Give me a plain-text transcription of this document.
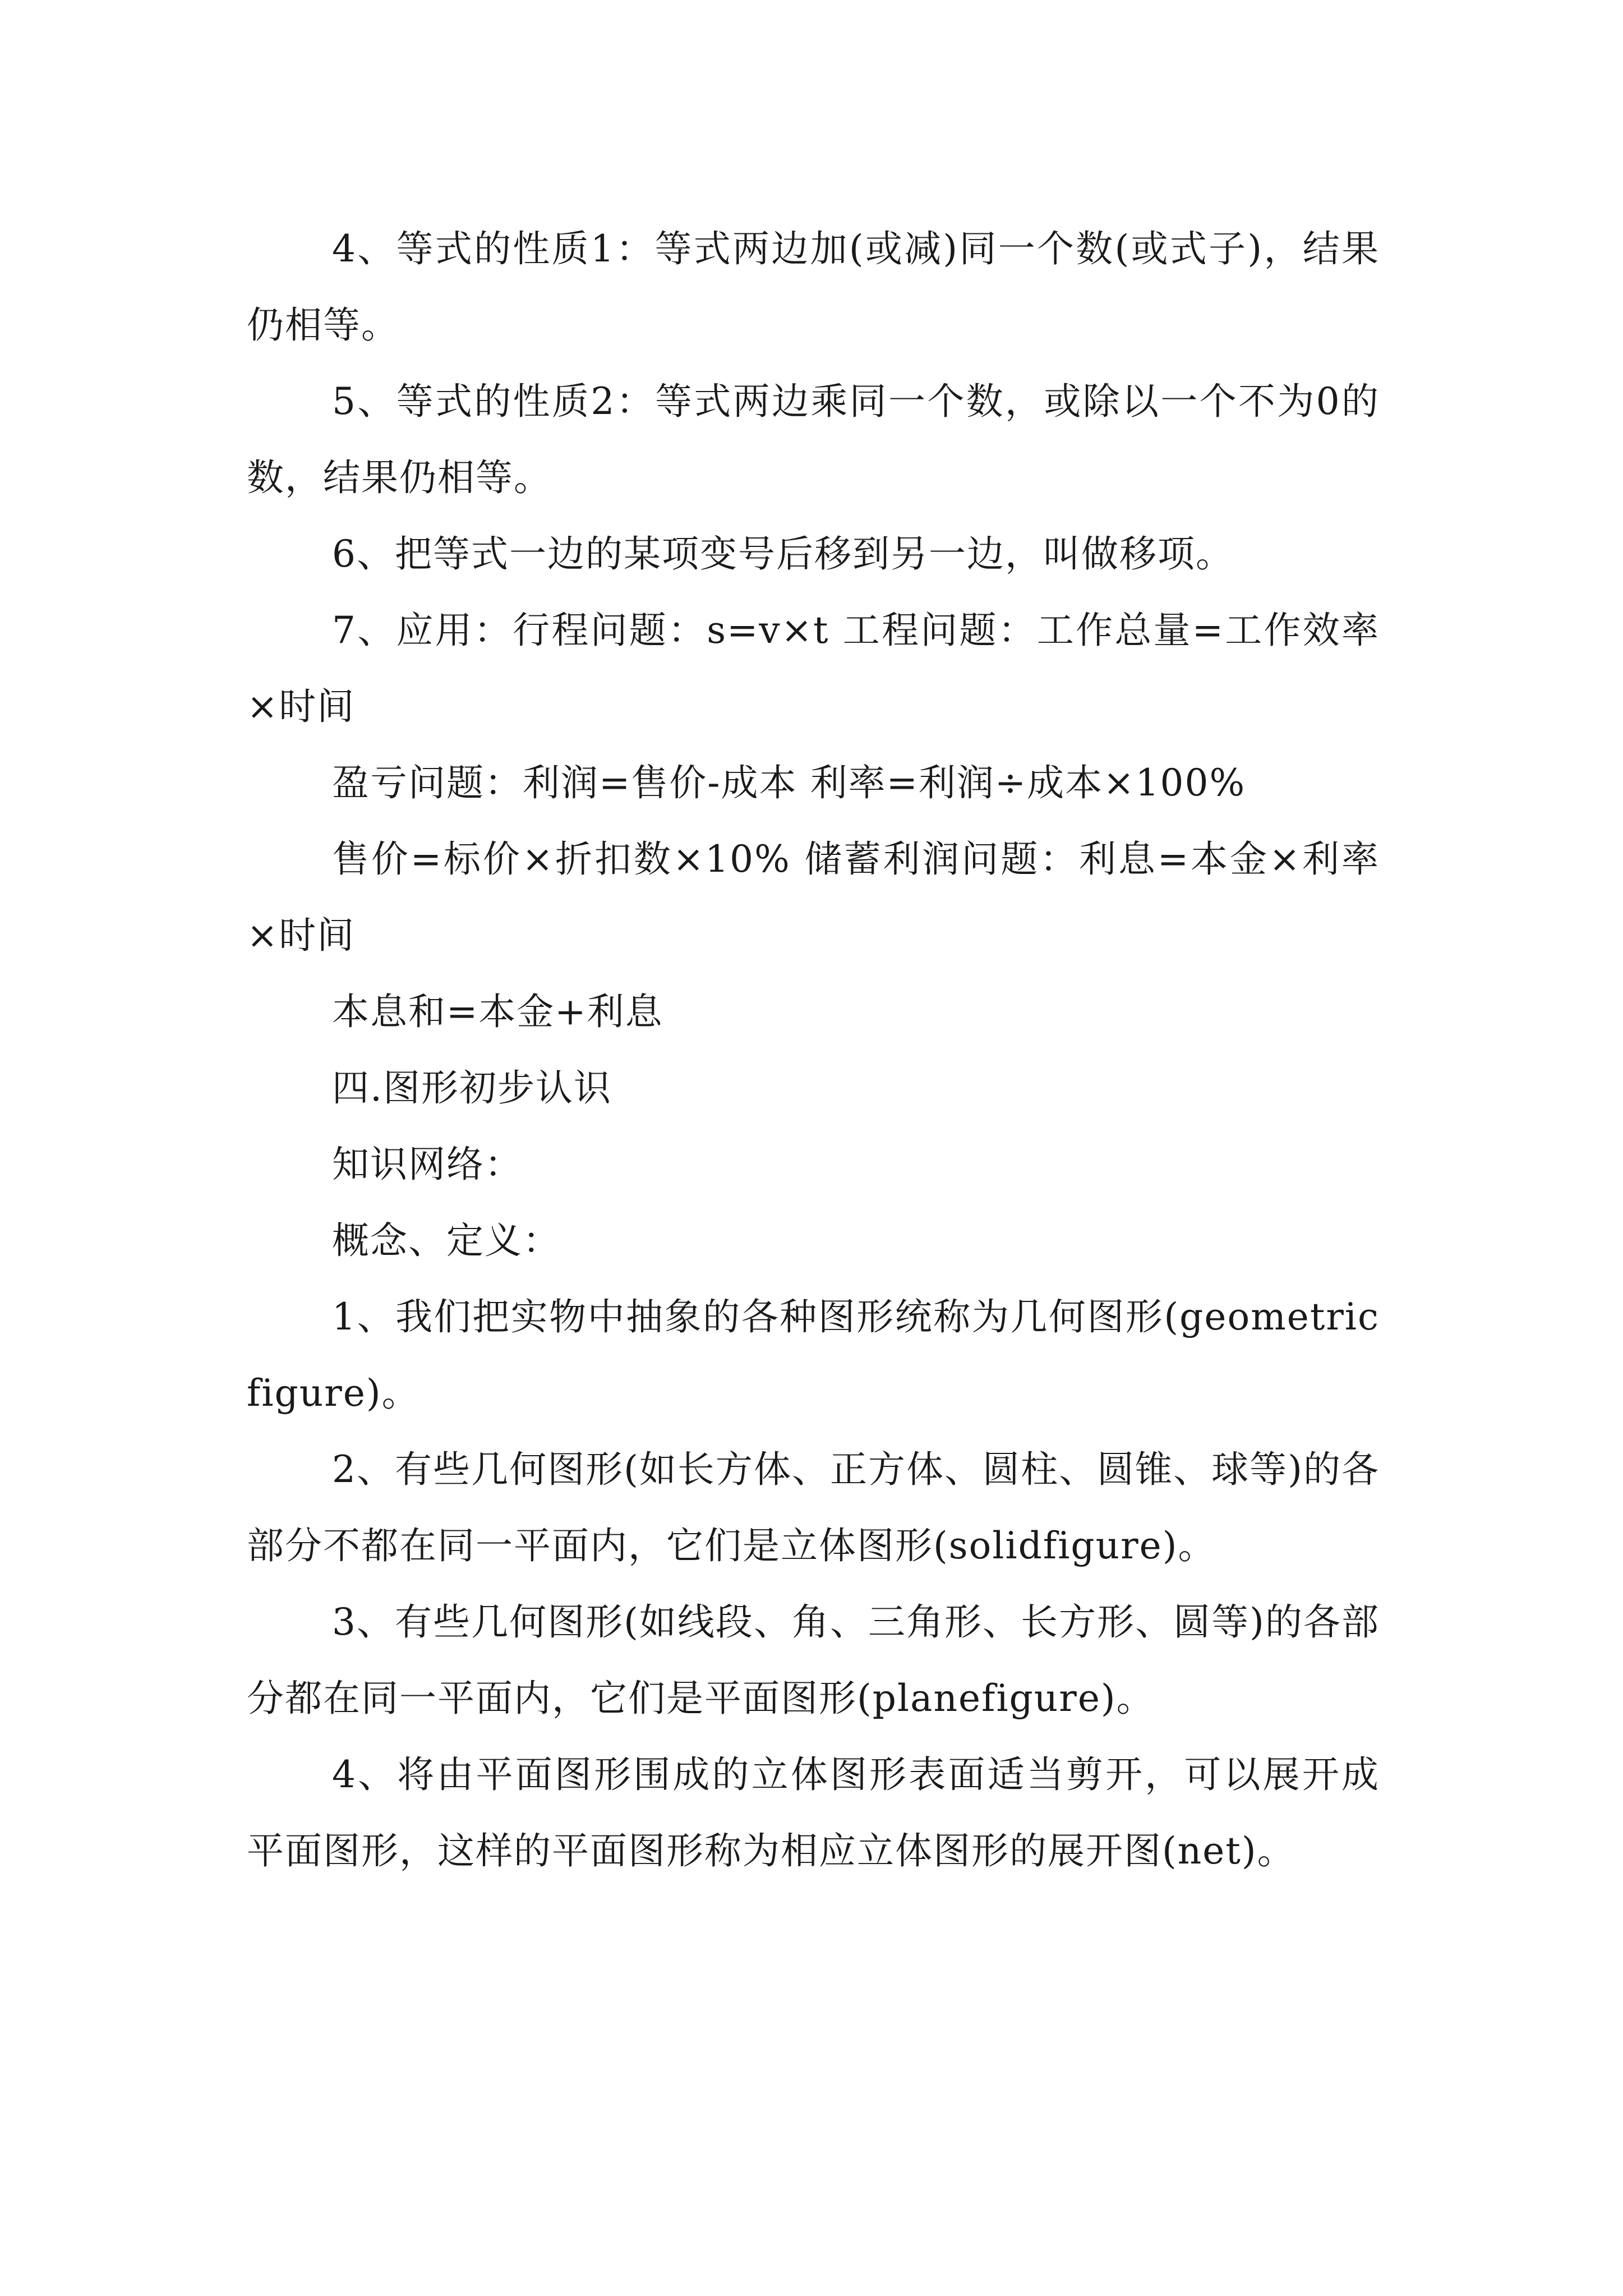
4、等式的性质1：等式两边加(或减)同一个数(或式子)，结果仍相等。

5、等式的性质2：等式两边乘同一个数，或除以一个不为0的数，结果仍相等。

6、把等式一边的某项变号后移到另一边，叫做移项。

7、应用：行程问题：s=v×t 工程问题：工作总量=工作效率×时间

盈亏问题：利润=售价-成本 利率=利润÷成本×100%

售价=标价×折扣数×10% 储蓄利润问题：利息=本金×利率×时间

本息和=本金+利息

四.图形初步认识

知识网络：

概念、定义：

1、我们把实物中抽象的各种图形统称为几何图形(geometric figure)。

2、有些几何图形(如长方体、正方体、圆柱、圆锥、球等)的各部分不都在同一平面内，它们是立体图形(solidfigure)。

3、有些几何图形(如线段、角、三角形、长方形、圆等)的各部分都在同一平面内，它们是平面图形(planefigure)。

4、将由平面图形围成的立体图形表面适当剪开，可以展开成平面图形，这样的平面图形称为相应立体图形的展开图(net)。
